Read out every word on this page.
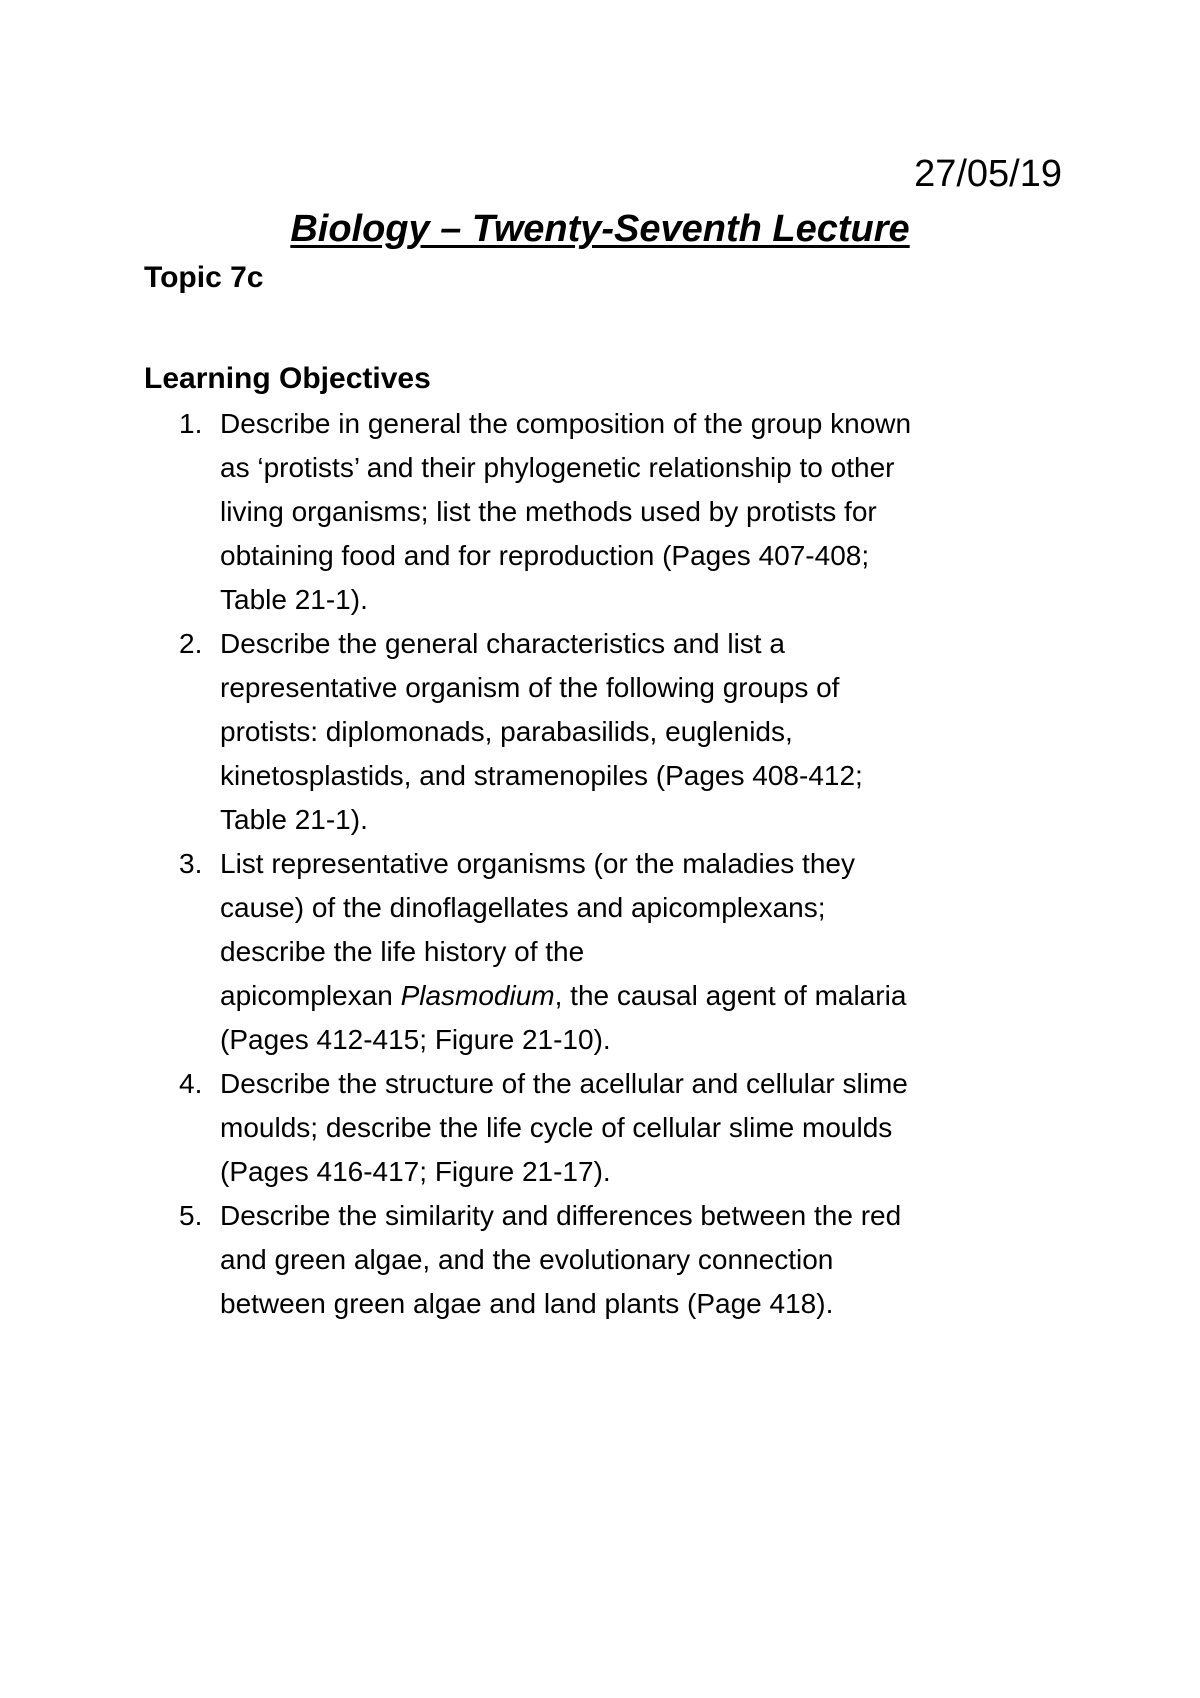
27/05/19
Biology – Twenty-Seventh Lecture
Topic 7c
Learning Objectives
1. Describe in general the composition of the group known
as ‘protists’ and their phylogenetic relationship to other
living organisms; list the methods used by protists for
obtaining food and for reproduction (Pages 407-408;
Table 21-1).
2. Describe the general characteristics and list a
representative organism of the following groups of
protists: diplomonads, parabasilids, euglenids,
kinetosplastids, and stramenopiles (Pages 408-412;
Table 21-1).
3. List representative organisms (or the maladies they
cause) of the dinoflagellates and apicomplexans;
describe the life history of the
apicomplexan Plasmodium, the causal agent of malaria
(Pages 412-415; Figure 21-10).
4. Describe the structure of the acellular and cellular slime
moulds; describe the life cycle of cellular slime moulds
(Pages 416-417; Figure 21-17).
5. Describe the similarity and differences between the red
and green algae, and the evolutionary connection
between green algae and land plants (Page 418).
